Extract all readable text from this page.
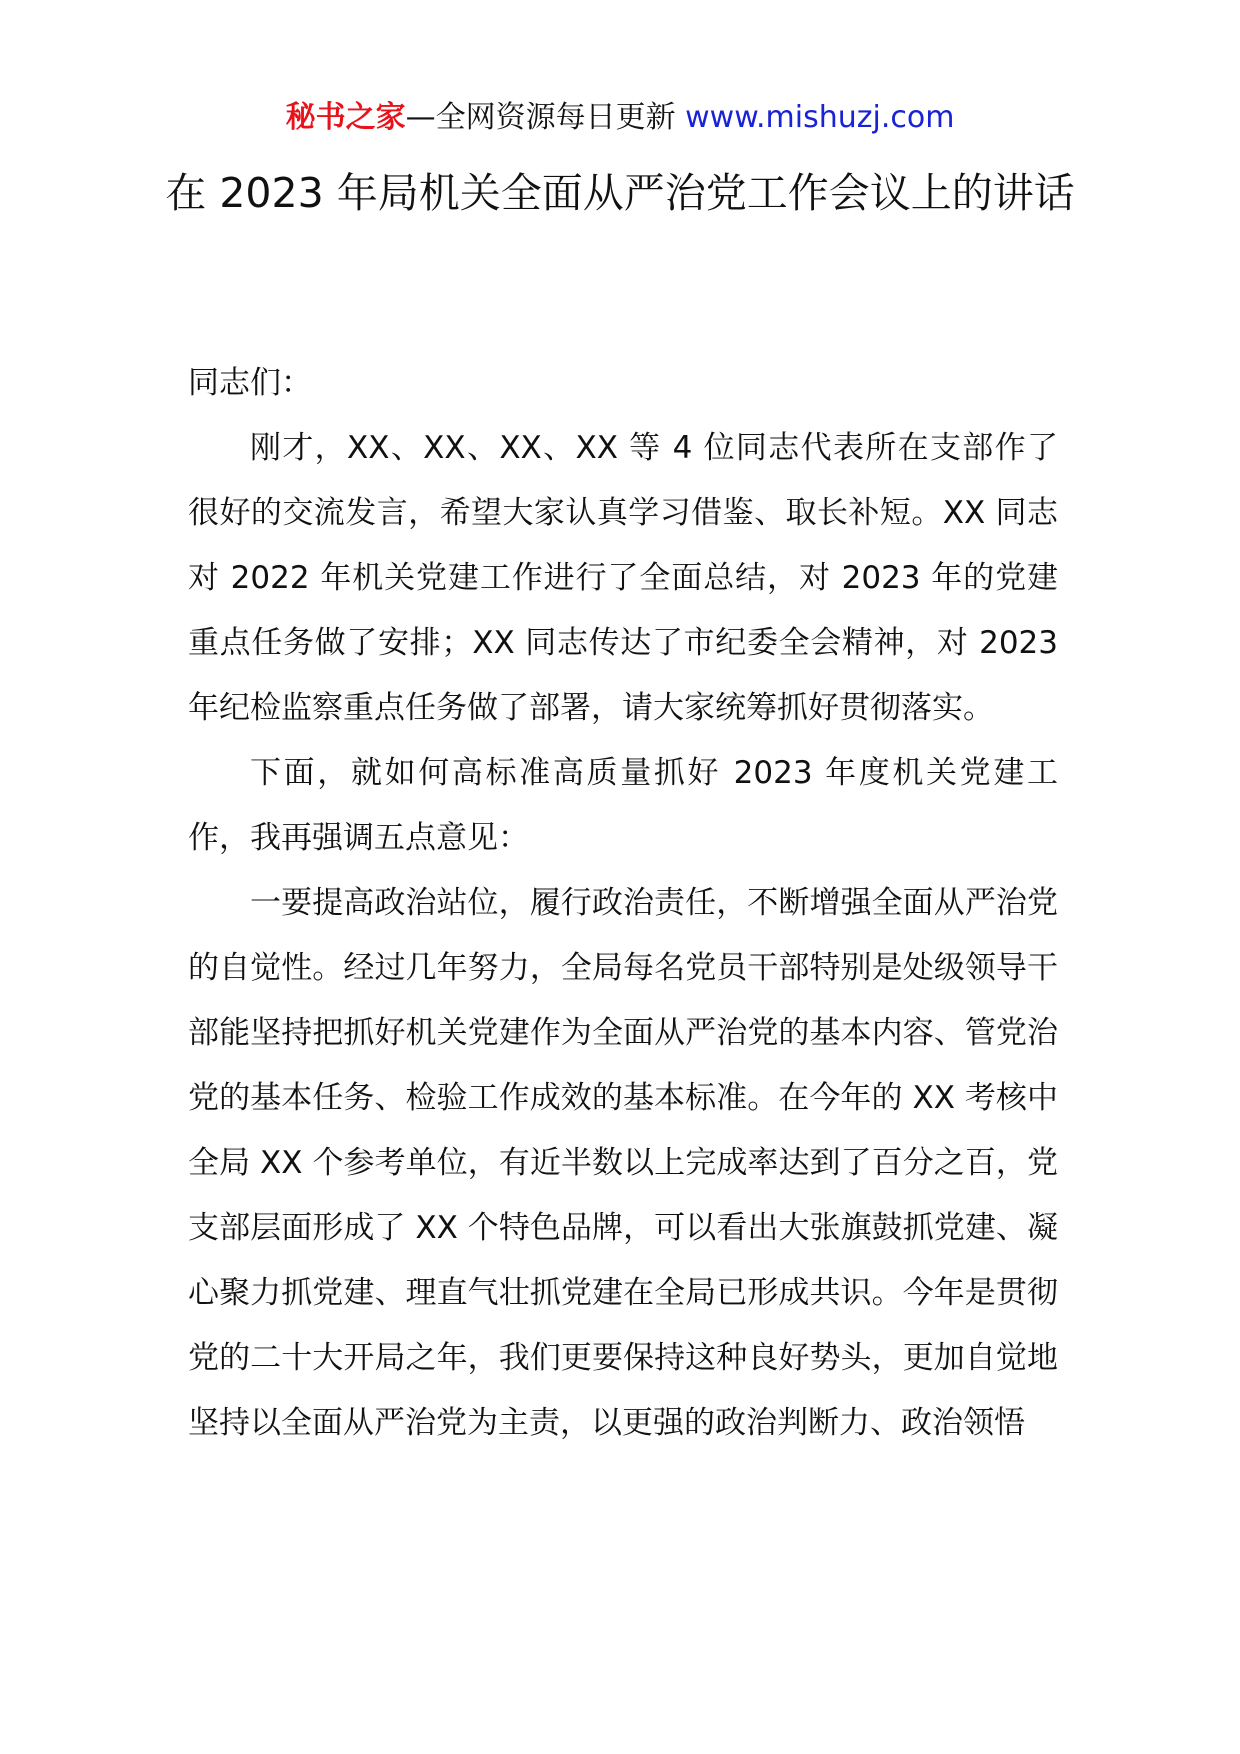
秘书之家—全网资源每日更新 www.mishuzj.com
在 2023 年局机关全面从严治党工作会议上的讲话

同志们：

刚才，XX、XX、XX、XX 等 4 位同志代表所在支部作了很好的交流发言，希望大家认真学习借鉴、取长补短。XX 同志对 2022 年机关党建工作进行了全面总结，对 2023 年的党建重点任务做了安排；XX 同志传达了市纪委全会精神，对 2023 年纪检监察重点任务做了部署，请大家统筹抓好贯彻落实。

下面，就如何高标准高质量抓好 2023 年度机关党建工作，我再强调五点意见：

一要提高政治站位，履行政治责任，不断增强全面从严治党的自觉性。经过几年努力，全局每名党员干部特别是处级领导干部能坚持把抓好机关党建作为全面从严治党的基本内容、管党治党的基本任务、检验工作成效的基本标准。在今年的 XX 考核中全局 XX 个参考单位，有近半数以上完成率达到了百分之百，党支部层面形成了 XX 个特色品牌，可以看出大张旗鼓抓党建、凝心聚力抓党建、理直气壮抓党建在全局已形成共识。今年是贯彻党的二十大开局之年，我们更要保持这种良好势头，更加自觉地坚持以全面从严治党为主责，以更强的政治判断力、政治领悟
